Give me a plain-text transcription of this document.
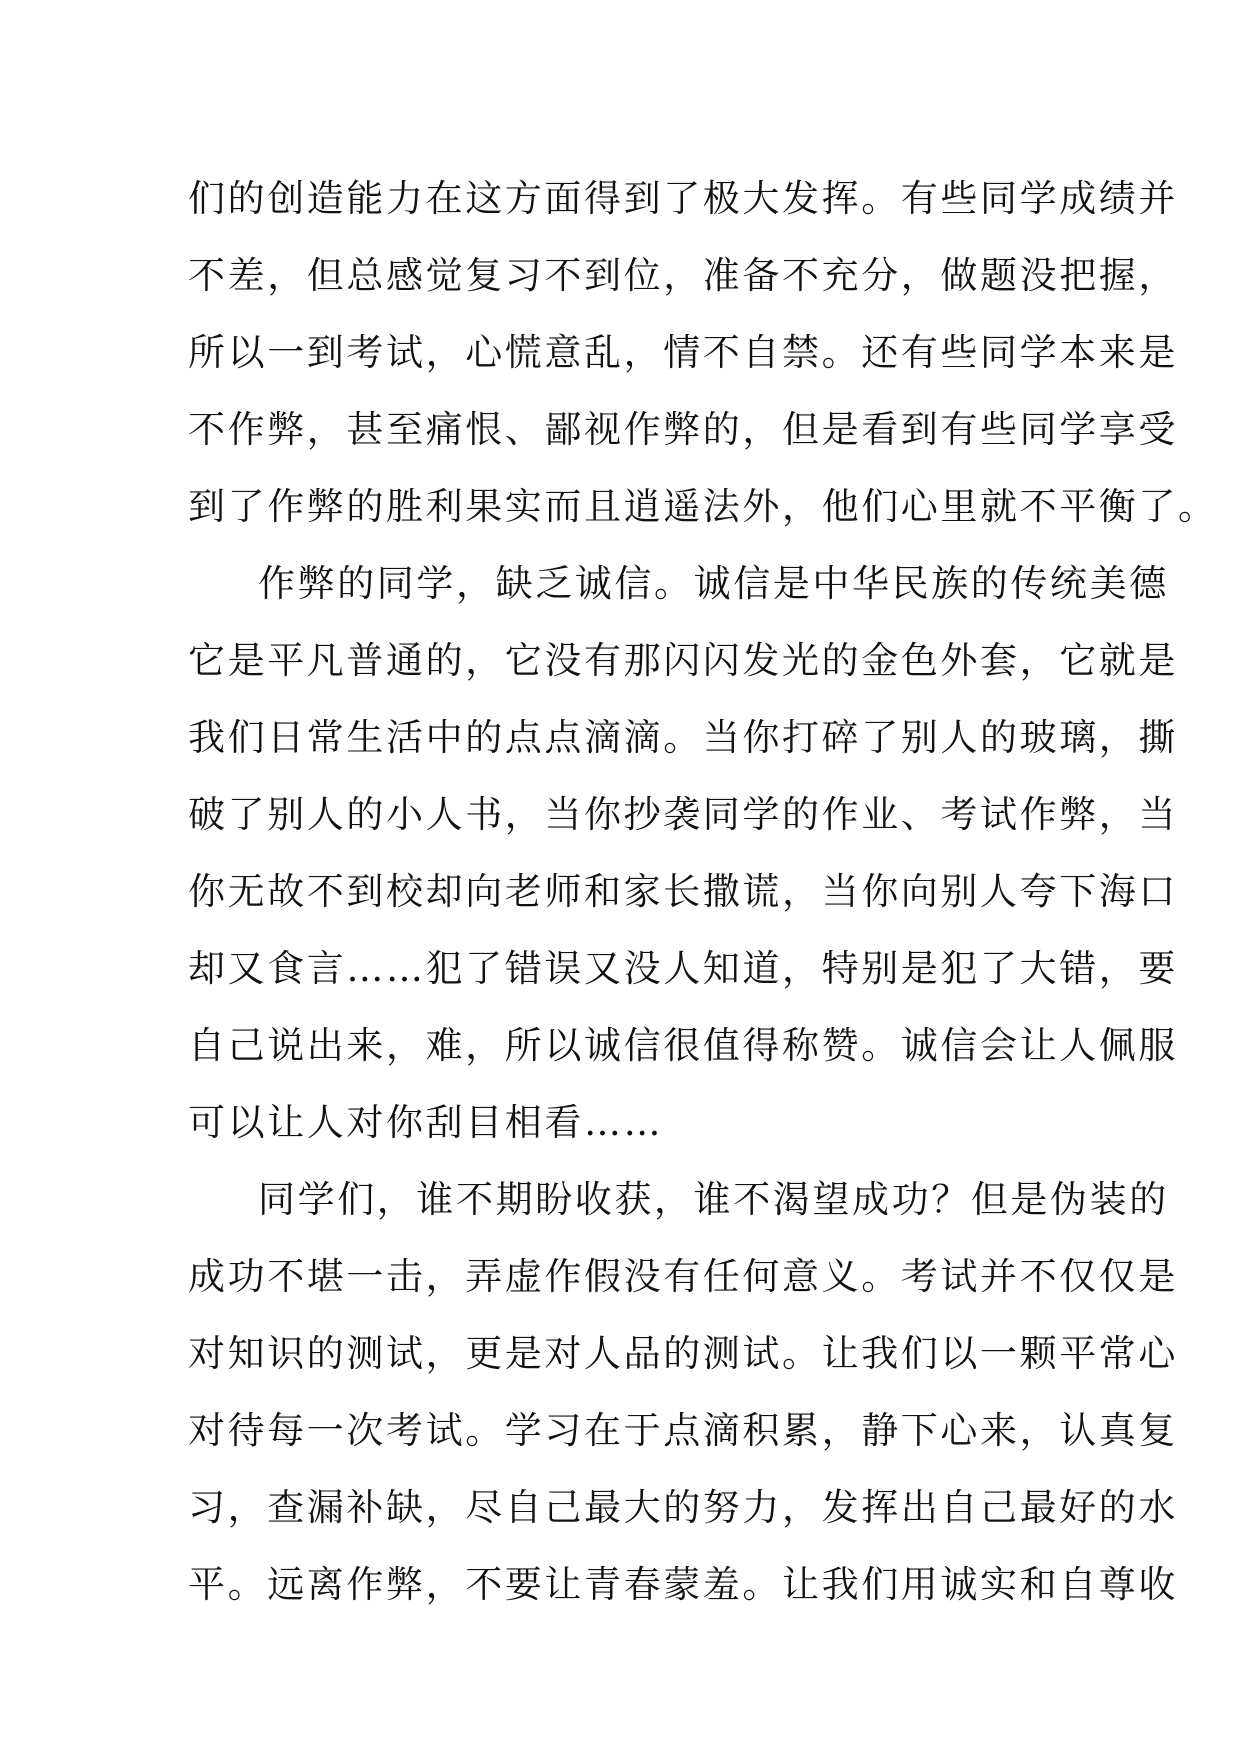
们的创造能力在这方面得到了极大发挥。有些同学成绩并
不差，但总感觉复习不到位，准备不充分，做题没把握，
所以一到考试，心慌意乱，情不自禁。还有些同学本来是
不作弊，甚至痛恨、鄙视作弊的，但是看到有些同学享受
到了作弊的胜利果实而且逍遥法外，他们心里就不平衡了。
作弊的同学，缺乏诚信。诚信是中华民族的传统美德
它是平凡普通的，它没有那闪闪发光的金色外套，它就是
我们日常生活中的点点滴滴。当你打碎了别人的玻璃，撕
破了别人的小人书，当你抄袭同学的作业、考试作弊，当
你无故不到校却向老师和家长撒谎，当你向别人夸下海口
却又食言……犯了错误又没人知道，特别是犯了大错，要
自己说出来，难，所以诚信很值得称赞。诚信会让人佩服
可以让人对你刮目相看……
同学们，谁不期盼收获，谁不渴望成功？但是伪装的
成功不堪一击，弄虚作假没有任何意义。考试并不仅仅是
对知识的测试，更是对人品的测试。让我们以一颗平常心
对待每一次考试。学习在于点滴积累，静下心来，认真复
习，查漏补缺，尽自己最大的努力，发挥出自己最好的水
平。远离作弊，不要让青春蒙羞。让我们用诚实和自尊收
